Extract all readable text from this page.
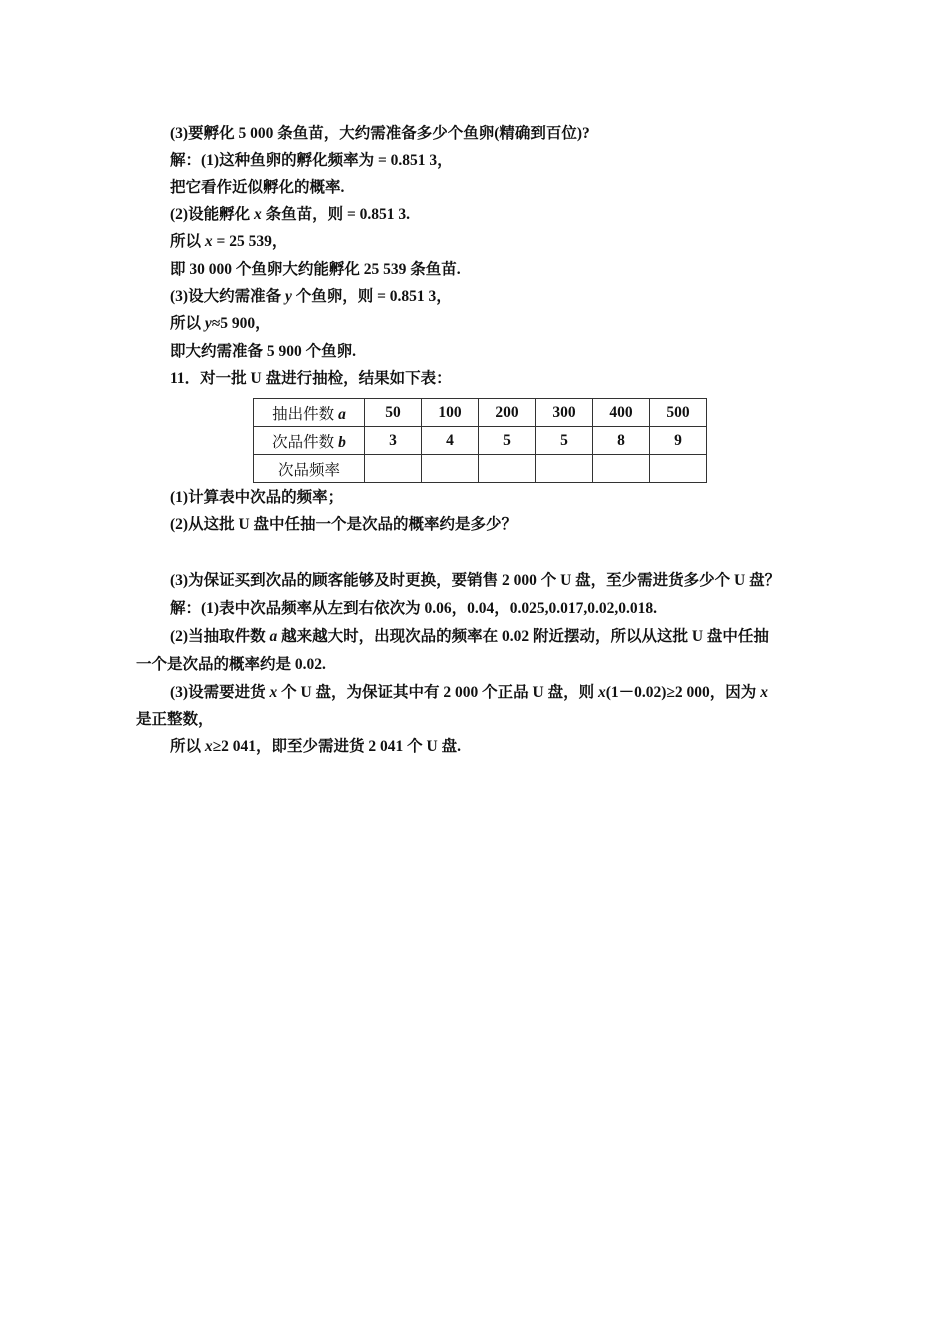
(3)要孵化 5 000 条鱼苗，大约需准备多少个鱼卵(精确到百位)?
解：(1)这种鱼卵的孵化频率为 = 0.851 3，
把它看作近似孵化的概率.
(2)设能孵化 x 条鱼苗，则 = 0.851 3.
所以 x = 25 539，
即 30 000 个鱼卵大约能孵化 25 539 条鱼苗.
(3)设大约需准备 y 个鱼卵，则 = 0.851 3，
所以 y≈5 900，
即大约需准备 5 900 个鱼卵.
11．对一批 U 盘进行抽检，结果如下表：
抽出件数 a	50	100	200	300	400	500
次品件数 b	3	4	5	5	8	9
次品频率						
(1)计算表中次品的频率；
(2)从这批 U 盘中任抽一个是次品的概率约是多少？
(3)为保证买到次品的顾客能够及时更换，要销售 2 000 个 U 盘，至少需进货多少个 U 盘？
解：(1)表中次品频率从左到右依次为 0.06，0.04，0.025,0.017,0.02,0.018.
(2)当抽取件数 a 越来越大时，出现次品的频率在 0.02 附近摆动，所以从这批 U 盘中任抽
一个是次品的概率约是 0.02.
(3)设需要进货 x 个 U 盘，为保证其中有 2 000 个正品 U 盘，则 x(1－0.02)≥2 000，因为 x
是正整数，
所以 x≥2 041，即至少需进货 2 041 个 U 盘.
